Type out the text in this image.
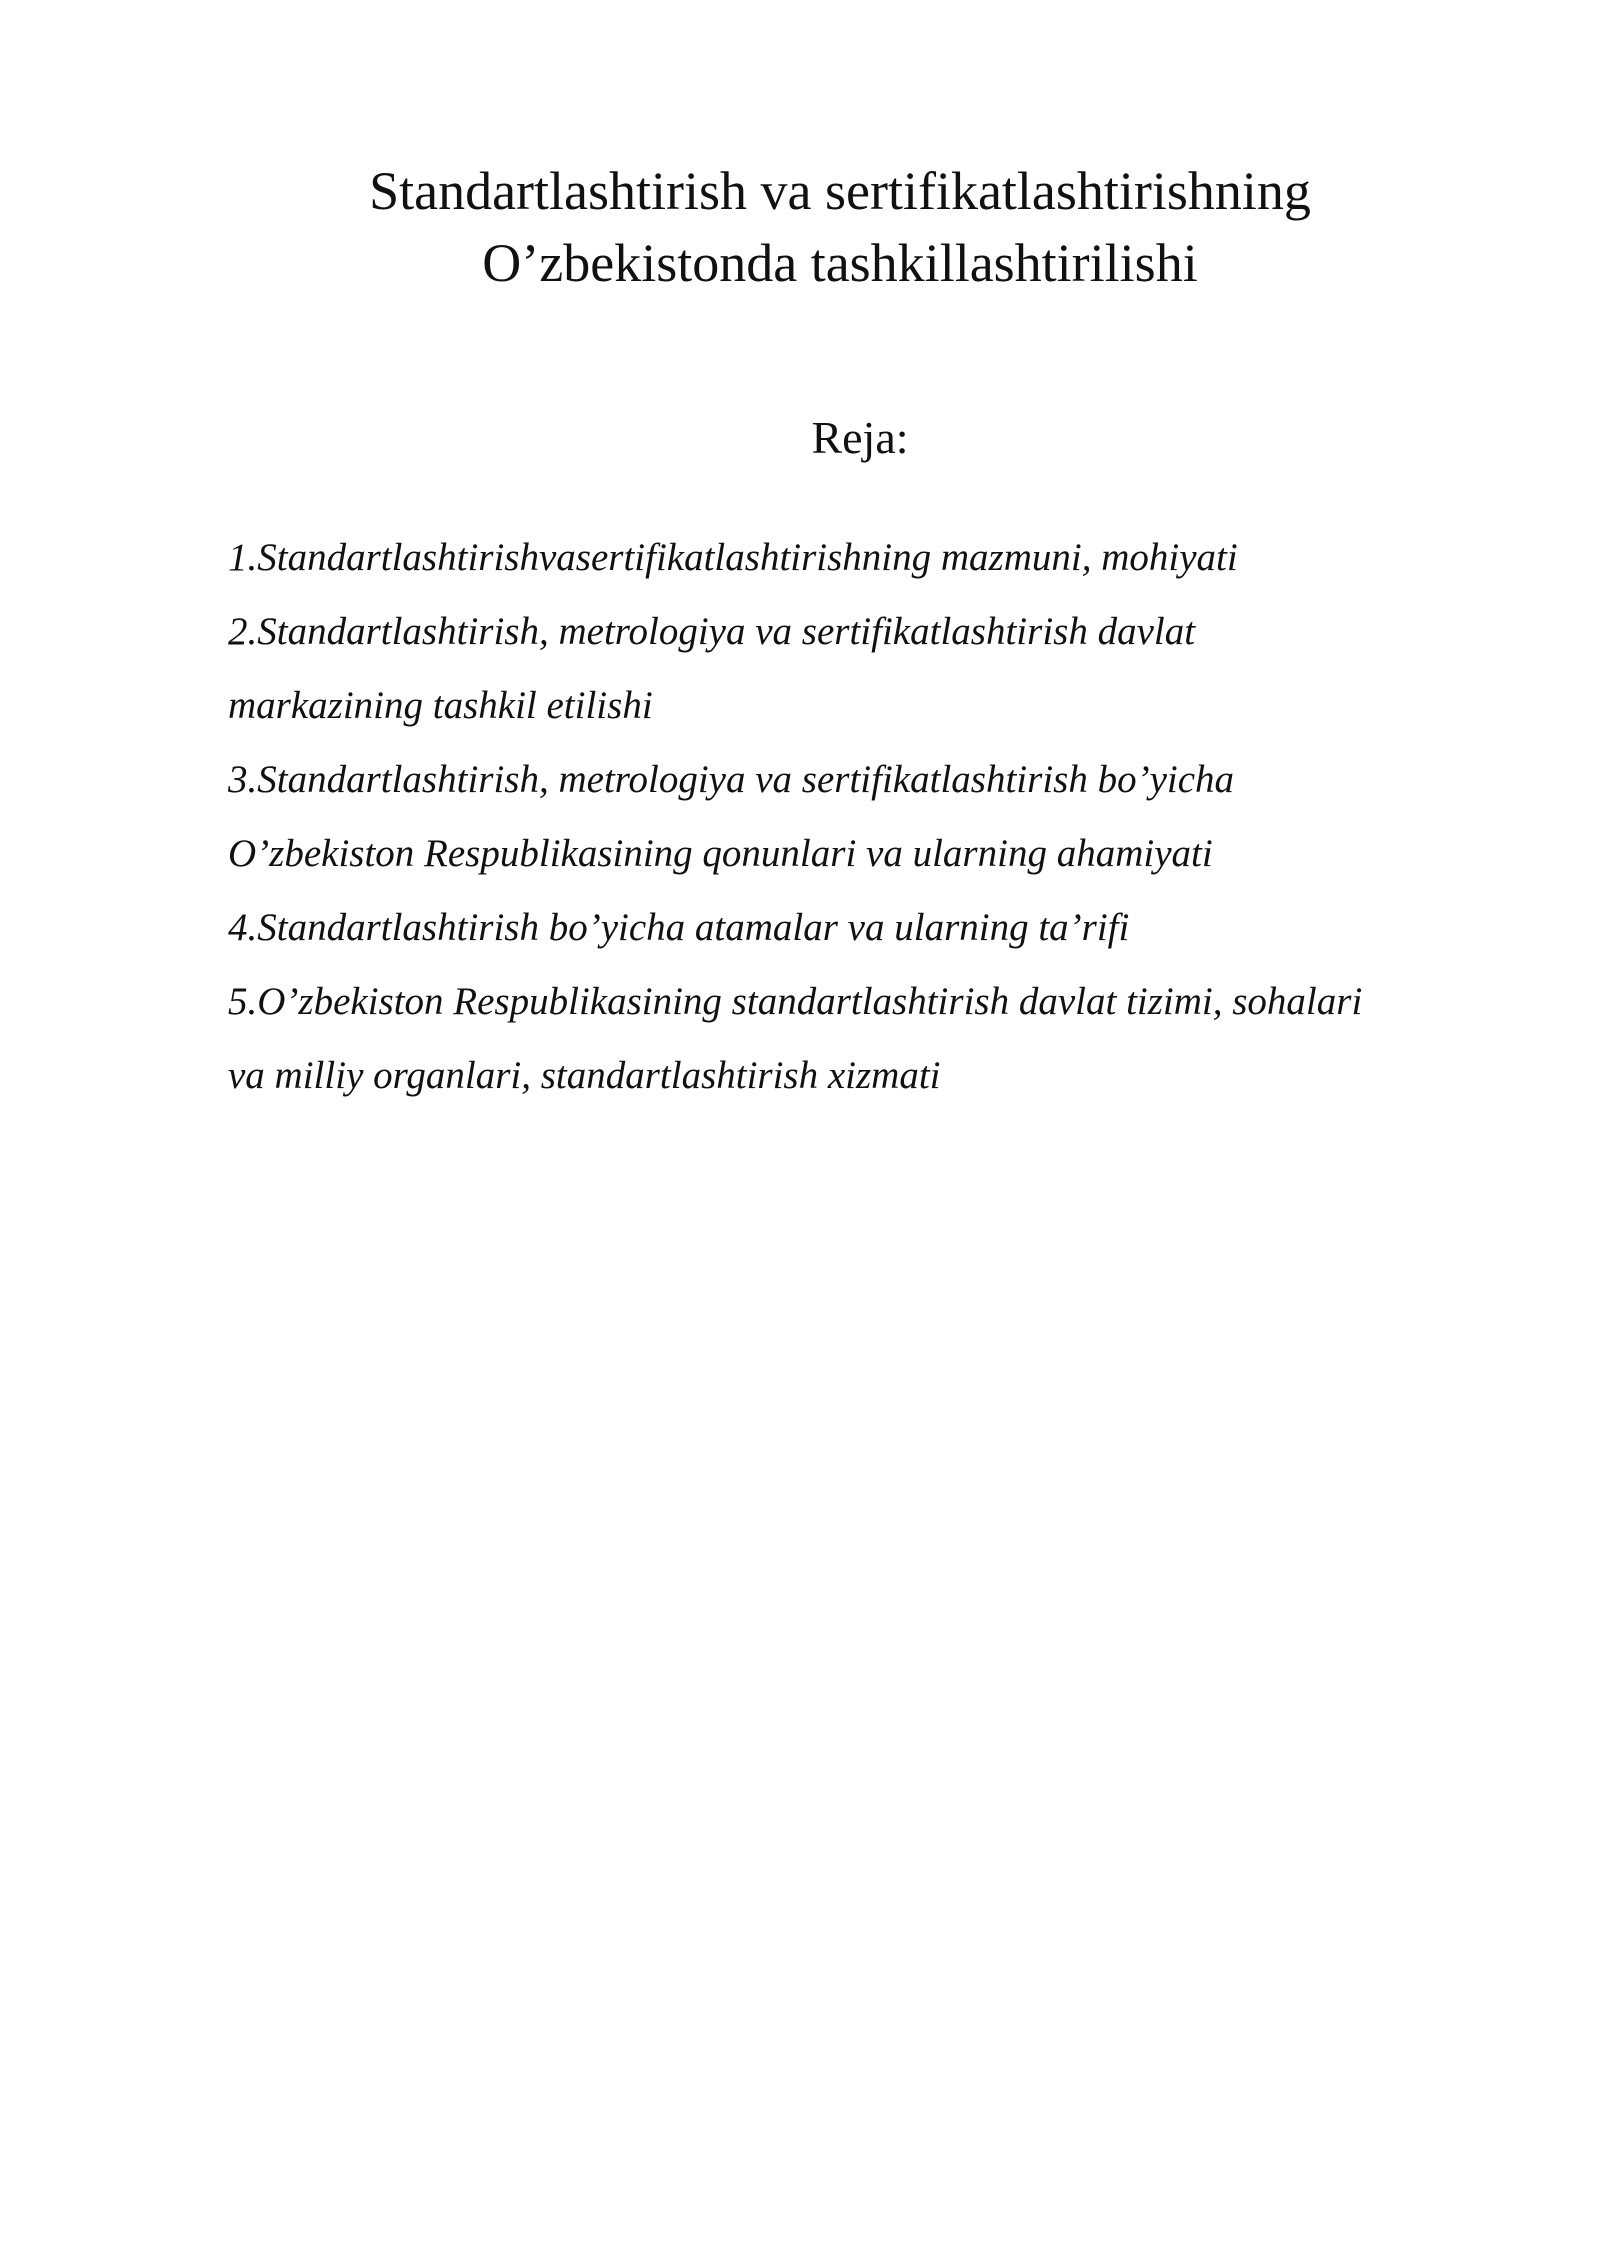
Standartlashtirish va sertifikatlashtirishning
O’zbekistonda tashkillashtirilishi
Reja:
1.Standartlashtirishvasertifikatlashtirishning mazmuni, mohiyati
2.Standartlashtirish, metrologiya va sertifikatlashtirish davlat
markazining tashkil etilishi
3.Standartlashtirish, metrologiya va sertifikatlashtirish bo’yicha
O’zbekiston Respublikasining qonunlari va ularning ahamiyati
4.Standartlashtirish bo’yicha atamalar va ularning ta’rifi
5.O’zbekiston Respublikasining standartlashtirish davlat tizimi, sohalari
va milliy organlari, standartlashtirish xizmati
